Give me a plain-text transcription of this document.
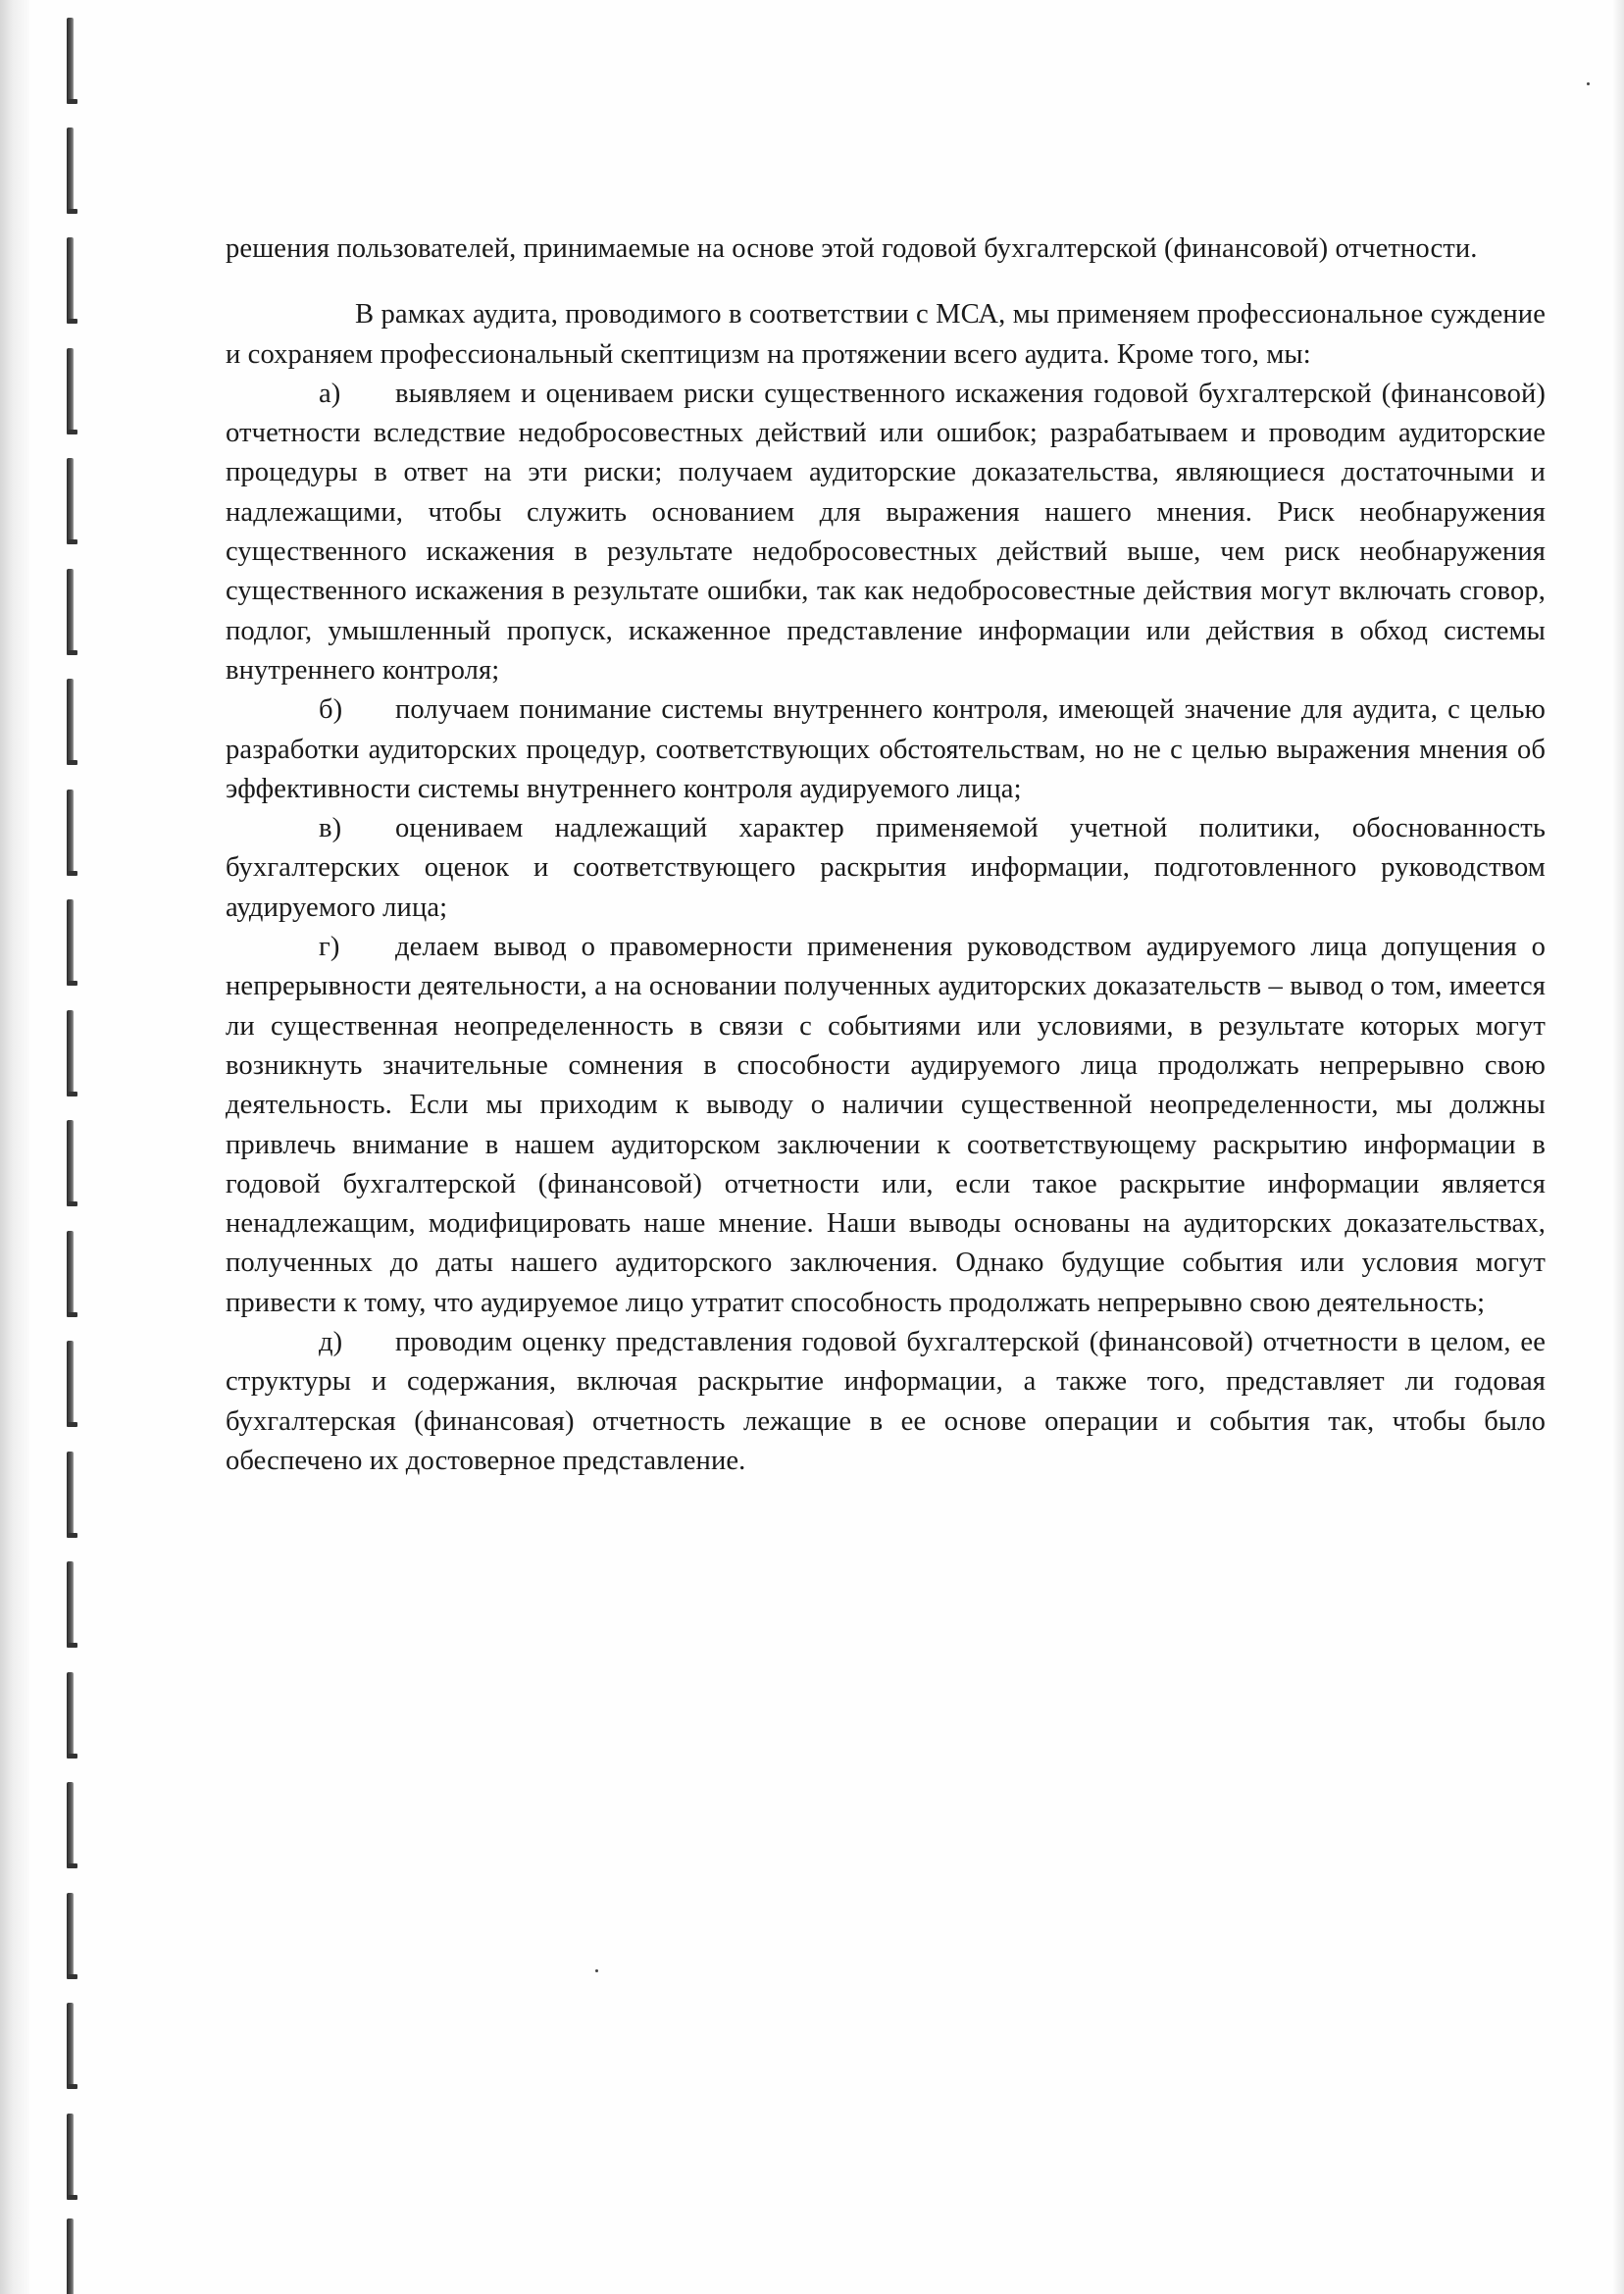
решения пользователей, принимаемые на основе этой годовой бухгалтерской (финансовой) отчетности.

В рамках аудита, проводимого в соответствии с МСА, мы применяем профессиональное суждение и сохраняем профессиональный скептицизм на протяжении всего аудита. Кроме того, мы:

а) выявляем и оцениваем риски существенного искажения годовой бухгалтерской (финансовой) отчетности вследствие недобросовестных действий или ошибок; разрабатываем и проводим аудиторские процедуры в ответ на эти риски; получаем аудиторские доказательства, являющиеся достаточными и надлежащими, чтобы служить основанием для выражения нашего мнения. Риск необнаружения существенного искажения в результате недобросовестных действий выше, чем риск необнаружения существенного искажения в результате ошибки, так как недобросовестные действия могут включать сговор, подлог, умышленный пропуск, искаженное представление информации или действия в обход системы внутреннего контроля;

б) получаем понимание системы внутреннего контроля, имеющей значение для аудита, с целью разработки аудиторских процедур, соответствующих обстоятельствам, но не с целью выражения мнения об эффективности системы внутреннего контроля аудируемого лица;

в) оцениваем надлежащий характер применяемой учетной политики, обоснованность бухгалтерских оценок и соответствующего раскрытия информации, подготовленного руководством аудируемого лица;

г) делаем вывод о правомерности применения руководством аудируемого лица допущения о непрерывности деятельности, а на основании полученных аудиторских доказательств – вывод о том, имеется ли существенная неопределенность в связи с событиями или условиями, в результате которых могут возникнуть значительные сомнения в способности аудируемого лица продолжать непрерывно свою деятельность. Если мы приходим к выводу о наличии существенной неопределенности, мы должны привлечь внимание в нашем аудиторском заключении к соответствующему раскрытию информации в годовой бухгалтерской (финансовой) отчетности или, если такое раскрытие информации является ненадлежащим, модифицировать наше мнение. Наши выводы основаны на аудиторских доказательствах, полученных до даты нашего аудиторского заключения. Однако будущие события или условия могут привести к тому, что аудируемое лицо утратит способность продолжать непрерывно свою деятельность;

д) проводим оценку представления годовой бухгалтерской (финансовой) отчетности в целом, ее структуры и содержания, включая раскрытие информации, а также того, представляет ли годовая бухгалтерская (финансовая) отчетность лежащие в ее основе операции и события так, чтобы было обеспечено их достоверное представление.
